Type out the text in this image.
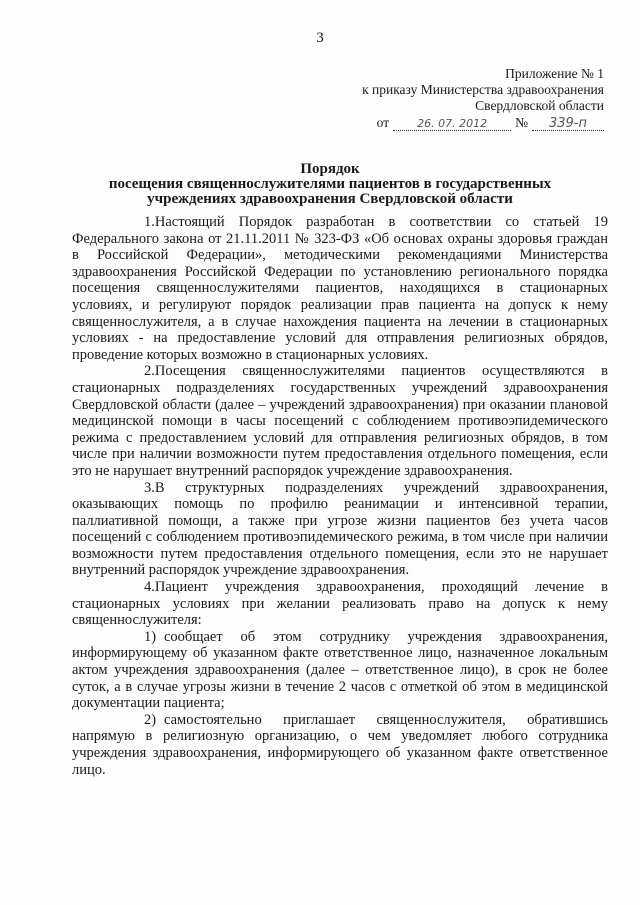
3
Приложение № 1
к приказу Министерства здравоохранения
Свердловской области
от	26. 07. 2012	№	339-п
Порядок
посещения священнослужителями пациентов в государственных
учреждениях здравоохранения Свердловской области

1.Настоящий Порядок разработан в соответствии со статьей 19 Федерального закона от 21.11.2011 № 323-ФЗ «Об основах охраны здоровья граждан в Российской Федерации», методическими рекомендациями Министерства здравоохранения Российской Федерации по установлению регионального порядка посещения священнослужителями пациентов, находящихся в стационарных условиях, и регулируют порядок реализации прав пациента на допуск к нему священнослужителя, а в случае нахождения пациента на лечении в стационарных условиях - на предоставление условий для отправления религиозных обрядов, проведение которых возможно в стационарных условиях.

2.Посещения священнослужителями пациентов осуществляются в стационарных подразделениях государственных учреждений здравоохранения Свердловской области (далее – учреждений здравоохранения) при оказании плановой медицинской помощи в часы посещений с соблюдением противоэпидемического режима с предоставлением условий для отправления религиозных обрядов, в том числе при наличии возможности путем предоставления отдельного помещения, если это не нарушает внутренний распорядок учреждение здравоохранения.

3.В структурных подразделениях учреждений здравоохранения, оказывающих помощь по профилю реанимации и интенсивной терапии, паллиативной помощи, а также при угрозе жизни пациентов без учета часов посещений с соблюдением противоэпидемического режима, в том числе при наличии возможности путем предоставления отдельного помещения, если это не нарушает внутренний распорядок учреждение здравоохранения.

4.Пациент учреждения здравоохранения, проходящий лечение в стационарных условиях при желании реализовать право на допуск к нему священнослужителя:

1) сообщает об этом сотруднику учреждения здравоохранения, информирующему об указанном факте ответственное лицо, назначенное локальным актом учреждения здравоохранения (далее – ответственное лицо), в срок не более суток, а в случае угрозы жизни в течение 2 часов с отметкой об этом в медицинской документации пациента;

2) самостоятельно приглашает священнослужителя, обратившись напрямую в религиозную организацию, о чем уведомляет любого сотрудника учреждения здравоохранения, информирующего об указанном факте ответственное лицо.
